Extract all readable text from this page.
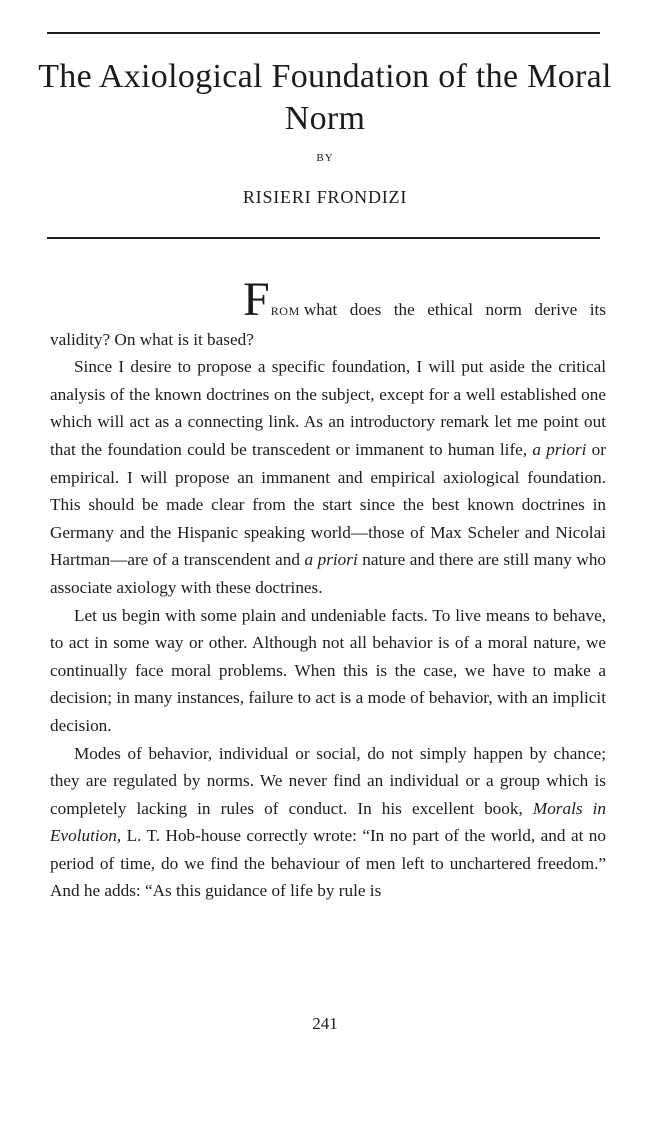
The Axiological Foundation of the Moral Norm
BY
RISIERI FRONDIZI

FROM what does the ethical norm derive its validity? On what is it based?

Since I desire to propose a specific foundation, I will put aside the critical analysis of the known doctrines on the subject, except for a well established one which will act as a connecting link. As an introductory remark let me point out that the foundation could be transcedent or immanent to human life, a priori or empirical. I will propose an immanent and empirical axiological foundation. This should be made clear from the start since the best known doctrines in Germany and the Hispanic speaking world—those of Max Scheler and Nicolai Hartman—are of a transcendent and a priori nature and there are still many who associate axiology with these doctrines.

Let us begin with some plain and undeniable facts. To live means to behave, to act in some way or other. Although not all behavior is of a moral nature, we continually face moral problems. When this is the case, we have to make a decision; in many instances, failure to act is a mode of behavior, with an implicit decision.

Modes of behavior, individual or social, do not simply happen by chance; they are regulated by norms. We never find an individual or a group which is completely lacking in rules of conduct. In his excellent book, Morals in Evolution, L. T. Hob-house correctly wrote: “In no part of the world, and at no period of time, do we find the behaviour of men left to unchartered freedom.” And he adds: “As this guidance of life by rule is

241
